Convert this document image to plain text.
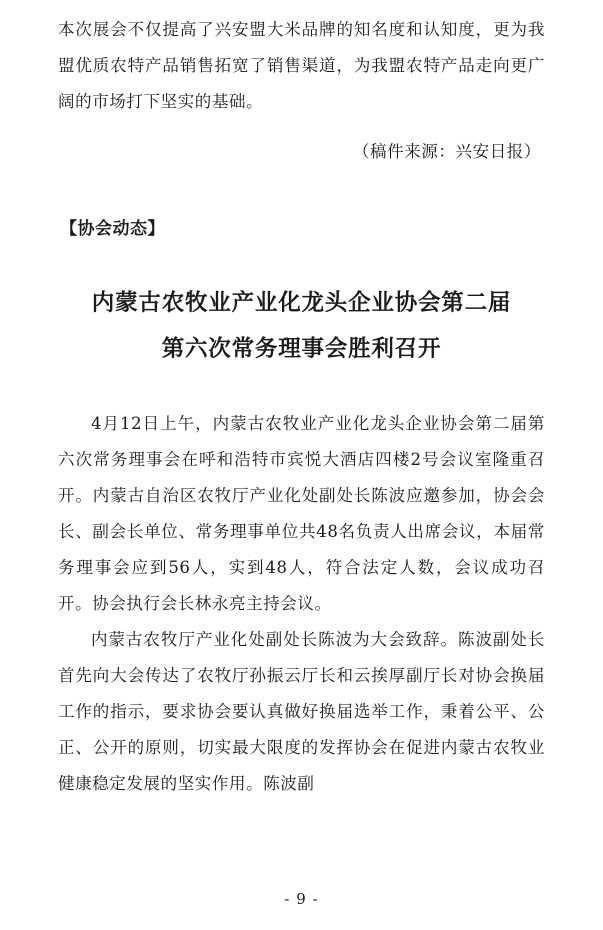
本次展会不仅提高了兴安盟大米品牌的知名度和认知度，更为我盟优质农特产品销售拓宽了销售渠道，为我盟农特产品走向更广阔的市场打下坚实的基础。

（稿件来源：兴安日报）

【协会动态】

内蒙古农牧业产业化龙头企业协会第二届
第六次常务理事会胜利召开

4月12日上午，内蒙古农牧业产业化龙头企业协会第二届第六次常务理事会在呼和浩特市宾悦大酒店四楼2号会议室隆重召开。内蒙古自治区农牧厅产业化处副处长陈波应邀参加，协会会长、副会长单位、常务理事单位共48名负责人出席会议，本届常务理事会应到56人，实到48人，符合法定人数，会议成功召开。协会执行会长林永亮主持会议。

内蒙古农牧厅产业化处副处长陈波为大会致辞。陈波副处长首先向大会传达了农牧厅孙振云厅长和云挨厚副厅长对协会换届工作的指示，要求协会要认真做好换届选举工作，秉着公平、公正、公开的原则，切实最大限度的发挥协会在促进内蒙古农牧业健康稳定发展的坚实作用。陈波副

- 9 -
